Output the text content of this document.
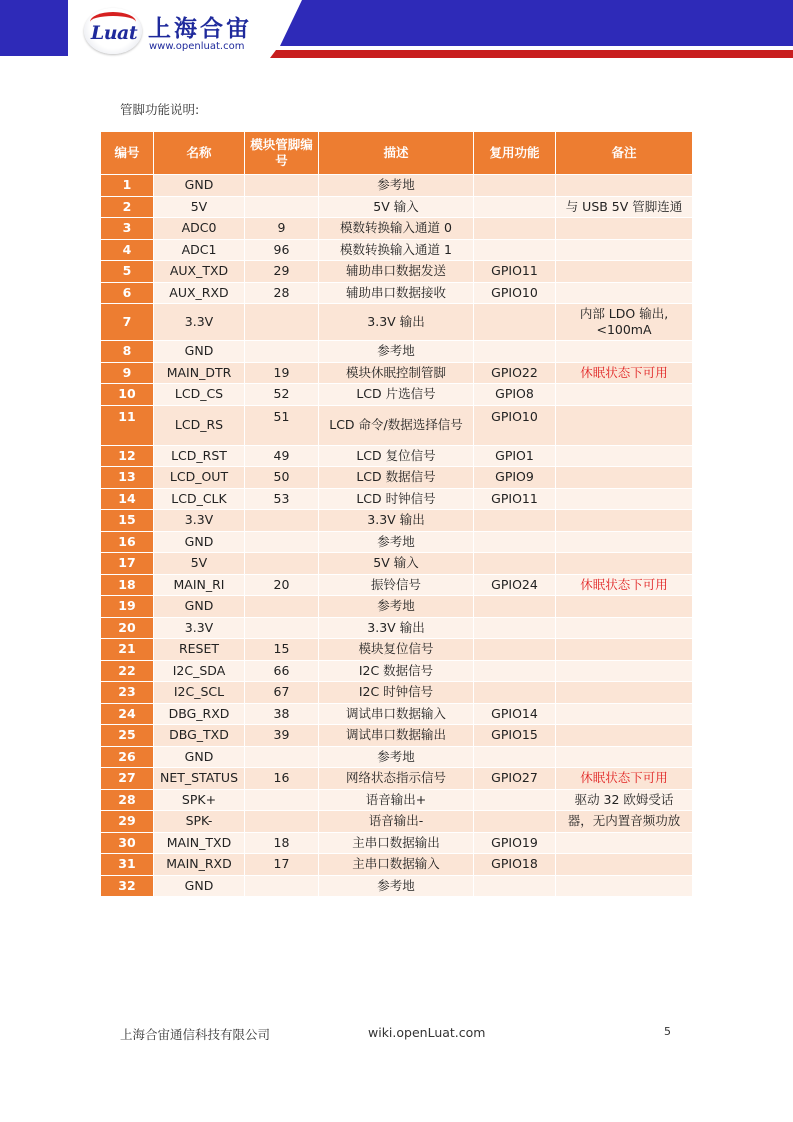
Luat 上海合宙
www.openluat.com
管脚功能说明:
编号	名称	模块管脚编号	描述	复用功能	备注
1	GND		参考地		
2	5V		5V 输入		与 USB 5V 管脚连通
3	ADC0	9	模数转换输入通道 0		
4	ADC1	96	模数转换输入通道 1		
5	AUX_TXD	29	辅助串口数据发送	GPIO11	
6	AUX_RXD	28	辅助串口数据接收	GPIO10	
7	3.3V		3.3V 输出		内部 LDO 输出,<100mA
8	GND		参考地		
9	MAIN_DTR	19	模块休眠控制管脚	GPIO22	休眠状态下可用
10	LCD_CS	52	LCD 片选信号	GPIO8	
11	LCD_RS	51	LCD 命令/数据选择信号	GPIO10	
12	LCD_RST	49	LCD 复位信号	GPIO1	
13	LCD_OUT	50	LCD 数据信号	GPIO9	
14	LCD_CLK	53	LCD 时钟信号	GPIO11	
15	3.3V		3.3V 输出		
16	GND		参考地		
17	5V		5V 输入		
18	MAIN_RI	20	振铃信号	GPIO24	休眠状态下可用
19	GND		参考地		
20	3.3V		3.3V 输出		
21	RESET	15	模块复位信号		
22	I2C_SDA	66	I2C 数据信号		
23	I2C_SCL	67	I2C 时钟信号		
24	DBG_RXD	38	调试串口数据输入	GPIO14	
25	DBG_TXD	39	调试串口数据输出	GPIO15	
26	GND		参考地		
27	NET_STATUS	16	网络状态指示信号	GPIO27	休眠状态下可用
28	SPK+		语音输出+		驱动 32 欧姆受话
29	SPK-		语音输出-		器，无内置音频功放
30	MAIN_TXD	18	主串口数据输出	GPIO19	
31	MAIN_RXD	17	主串口数据输入	GPIO18	
32	GND		参考地		
上海合宙通信科技有限公司	wiki.openLuat.com	5
